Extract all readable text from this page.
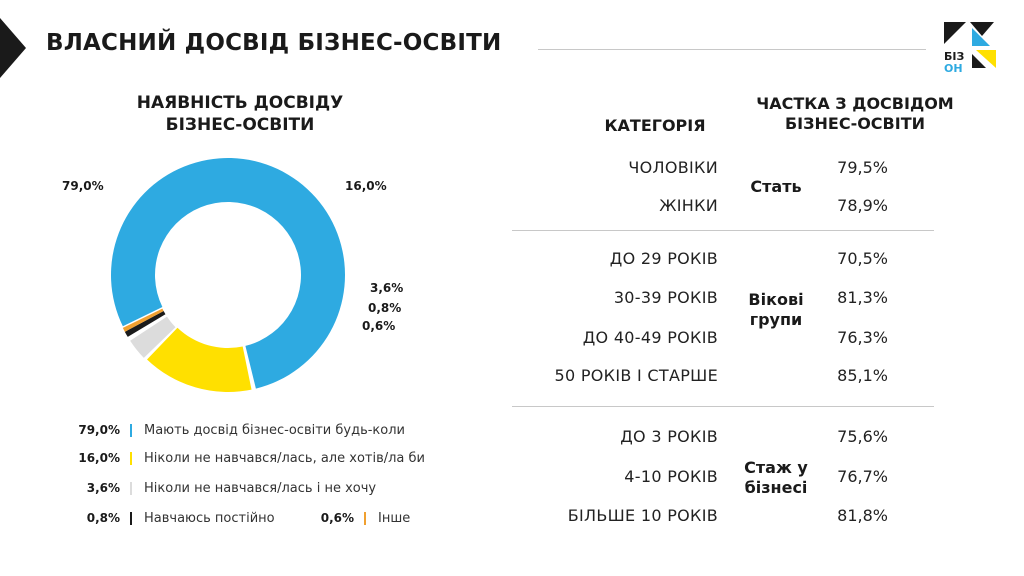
ВЛАСНИЙ ДОСВІД БІЗНЕС-ОСВІТИ
БІЗ
ОН
НАЯВНІСТЬ ДОСВІДУ БІЗНЕС-ОСВІТИ
79,0%	16,0%
3,6%
0,8%
0,6%
79,0% Мають досвід бізнес-освіти будь-коли
16,0% Ніколи не навчався/лась, але хотів/ла би
3,6% Ніколи не навчався/лась і не хочу
0,8% Навчаюсь постійно	0,6% Інше
КАТЕГОРІЯ
ЧАСТКА З ДОСВІДОМ БІЗНЕС-ОСВІТИ
ЧОЛОВІКИ	79,5%
ЖІНКИ	78,9%
Стать
ДО 29 РОКІВ	70,5%
30-39 РОКІВ	81,3%
ДО 40-49 РОКІВ	76,3%
50 РОКІВ І СТАРШЕ	85,1%
Вікові групи
ДО 3 РОКІВ	75,6%
4-10 РОКІВ	76,7%
БІЛЬШЕ 10 РОКІВ	81,8%
Стаж у бізнесі
